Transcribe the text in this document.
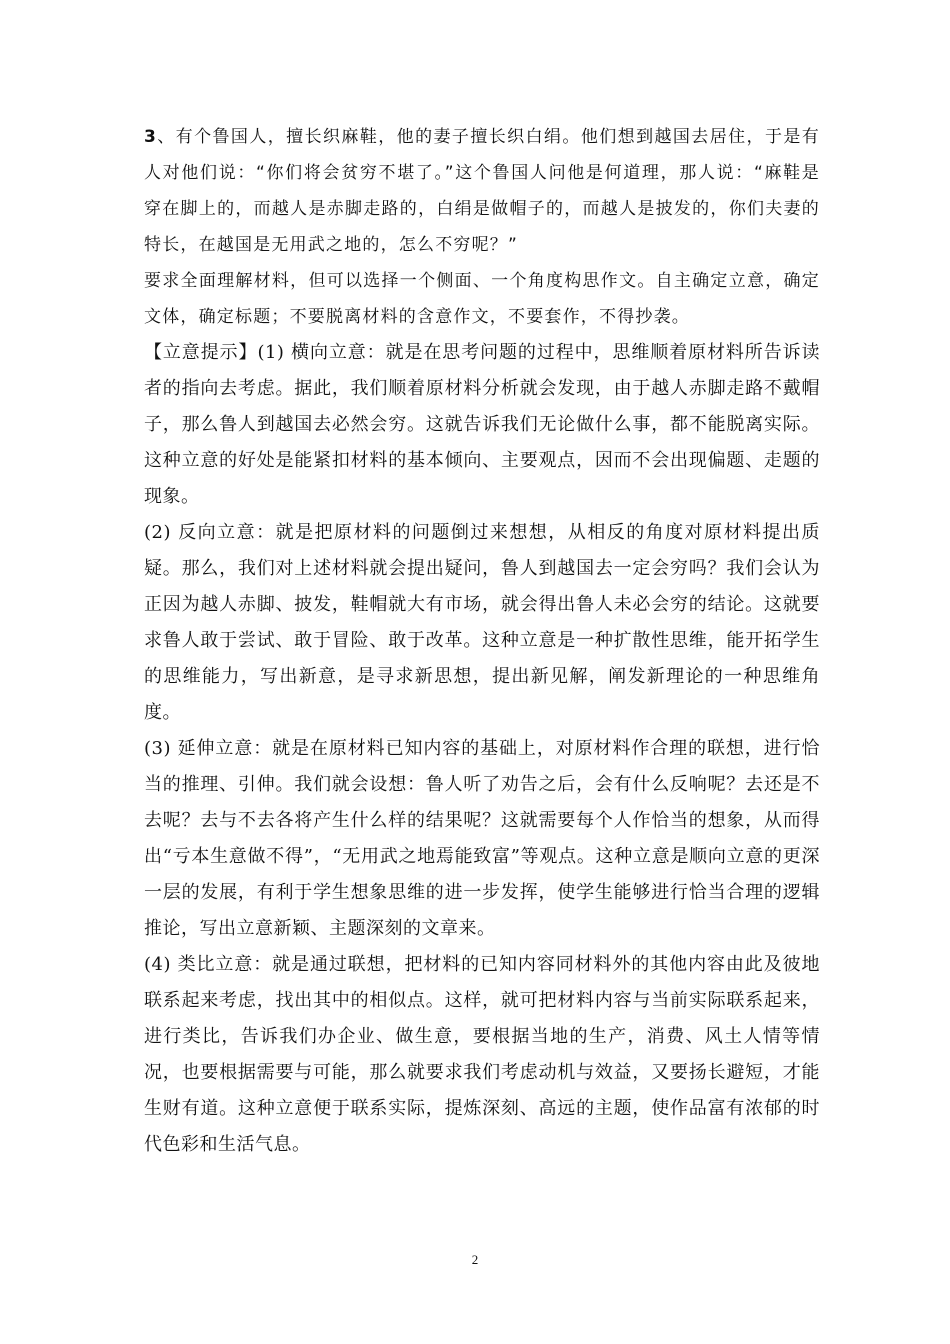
3、有个鲁国人，擅长织麻鞋，他的妻子擅长织白绢。他们想到越国去居住，于是有人对他们说：“你们将会贫穷不堪了。”这个鲁国人问他是何道理，那人说：“麻鞋是穿在脚上的，而越人是赤脚走路的，白绢是做帽子的，而越人是披发的，你们夫妻的特长，在越国是无用武之地的，怎么不穷呢？”

要求全面理解材料，但可以选择一个侧面、一个角度构思作文。自主确定立意，确定文体，确定标题；不要脱离材料的含意作文，不要套作，不得抄袭。

【立意提示】(1) 横向立意：就是在思考问题的过程中，思维顺着原材料所告诉读者的指向去考虑。据此，我们顺着原材料分析就会发现，由于越人赤脚走路不戴帽子，那么鲁人到越国去必然会穷。这就告诉我们无论做什么事，都不能脱离实际。这种立意的好处是能紧扣材料的基本倾向、主要观点，因而不会出现偏题、走题的现象。

(2) 反向立意：就是把原材料的问题倒过来想想，从相反的角度对原材料提出质疑。那么，我们对上述材料就会提出疑问，鲁人到越国去一定会穷吗？我们会认为正因为越人赤脚、披发，鞋帽就大有市场，就会得出鲁人未必会穷的结论。这就要求鲁人敢于尝试、敢于冒险、敢于改革。这种立意是一种扩散性思维，能开拓学生的思维能力，写出新意，是寻求新思想，提出新见解，阐发新理论的一种思维角度。

(3) 延伸立意：就是在原材料已知内容的基础上，对原材料作合理的联想，进行恰当的推理、引伸。我们就会设想：鲁人听了劝告之后，会有什么反响呢？去还是不去呢？去与不去各将产生什么样的结果呢？这就需要每个人作恰当的想象，从而得出“亏本生意做不得”，“无用武之地焉能致富”等观点。这种立意是顺向立意的更深一层的发展，有利于学生想象思维的进一步发挥，使学生能够进行恰当合理的逻辑推论，写出立意新颖、主题深刻的文章来。

(4) 类比立意：就是通过联想，把材料的已知内容同材料外的其他内容由此及彼地联系起来考虑，找出其中的相似点。这样，就可把材料内容与当前实际联系起来，进行类比，告诉我们办企业、做生意，要根据当地的生产，消费、风土人情等情况，也要根据需要与可能，那么就要求我们考虑动机与效益，又要扬长避短，才能生财有道。这种立意便于联系实际，提炼深刻、高远的主题，使作品富有浓郁的时代色彩和生活气息。

2
